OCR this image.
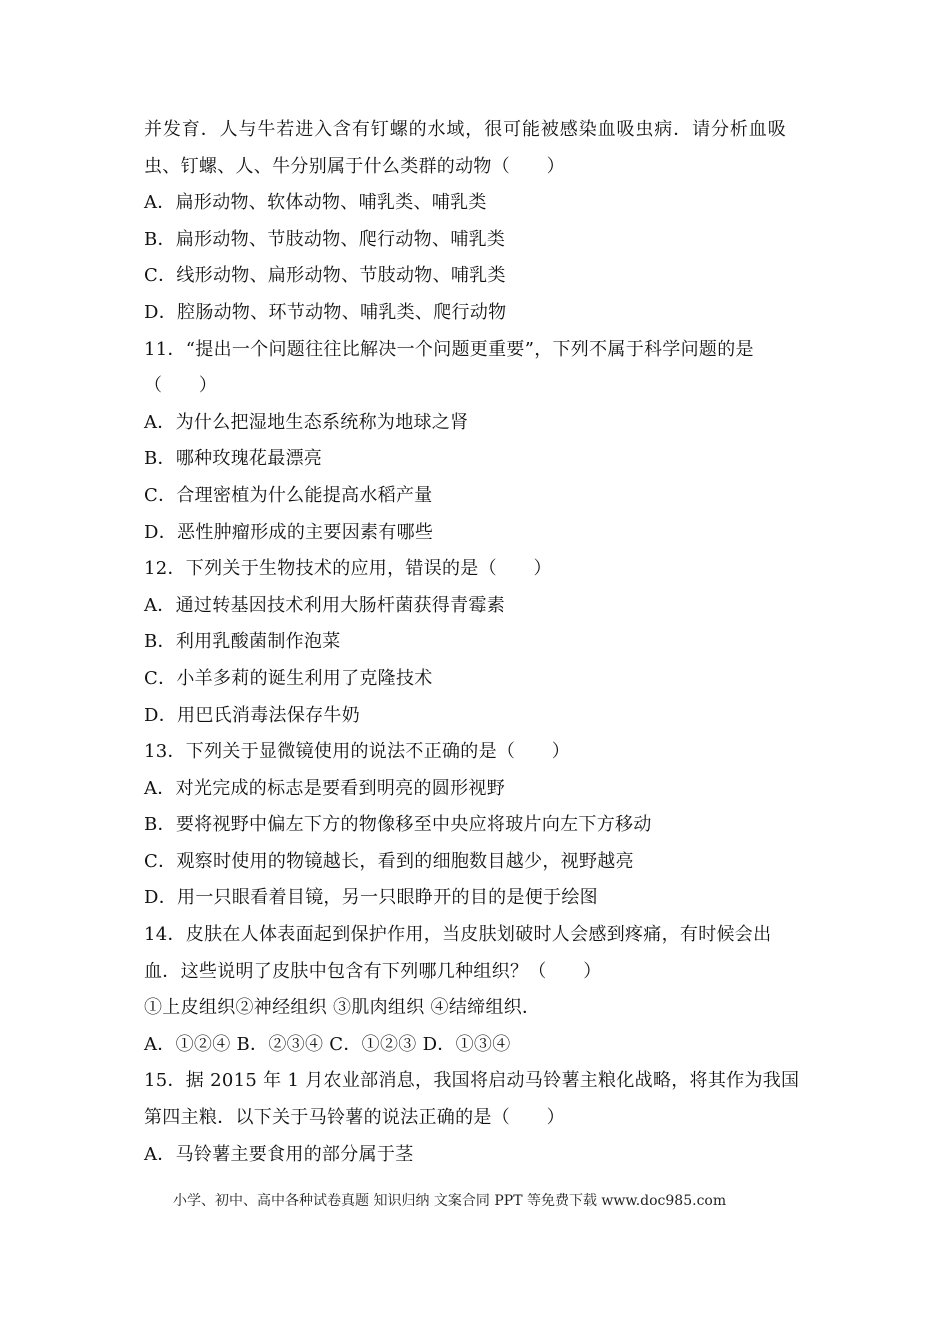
并发育．人与牛若进入含有钉螺的水域，很可能被感染血吸虫病．请分析血吸
虫、钉螺、人、牛分别属于什么类群的动物（　　）
A．扁形动物、软体动物、哺乳类、哺乳类
B．扁形动物、节肢动物、爬行动物、哺乳类
C．线形动物、扁形动物、节肢动物、哺乳类
D．腔肠动物、环节动物、哺乳类、爬行动物
11．“提出一个问题往往比解决一个问题更重要”，下列不属于科学问题的是
（　　）
A．为什么把湿地生态系统称为地球之肾
B．哪种玫瑰花最漂亮
C．合理密植为什么能提高水稻产量
D．恶性肿瘤形成的主要因素有哪些
12．下列关于生物技术的应用，错误的是（　　）
A．通过转基因技术利用大肠杆菌获得青霉素
B．利用乳酸菌制作泡菜
C．小羊多莉的诞生利用了克隆技术
D．用巴氏消毒法保存牛奶
13．下列关于显微镜使用的说法不正确的是（　　）
A．对光完成的标志是要看到明亮的圆形视野
B．要将视野中偏左下方的物像移至中央应将玻片向左下方移动
C．观察时使用的物镜越长，看到的细胞数目越少，视野越亮
D．用一只眼看着目镜，另一只眼睁开的目的是便于绘图
14．皮肤在人体表面起到保护作用，当皮肤划破时人会感到疼痛，有时候会出
血．这些说明了皮肤中包含有下列哪几种组织？（　　）
①上皮组织②神经组织 ③肌肉组织 ④结缔组织．
A．①②④ B．②③④ C．①②③ D．①③④
15．据 2015 年 1 月农业部消息，我国将启动马铃薯主粮化战略，将其作为我国
第四主粮．以下关于马铃薯的说法正确的是（　　）
A．马铃薯主要食用的部分属于茎
小学、初中、高中各种试卷真题 知识归纳 文案合同 PPT 等免费下载 www.doc985.com
